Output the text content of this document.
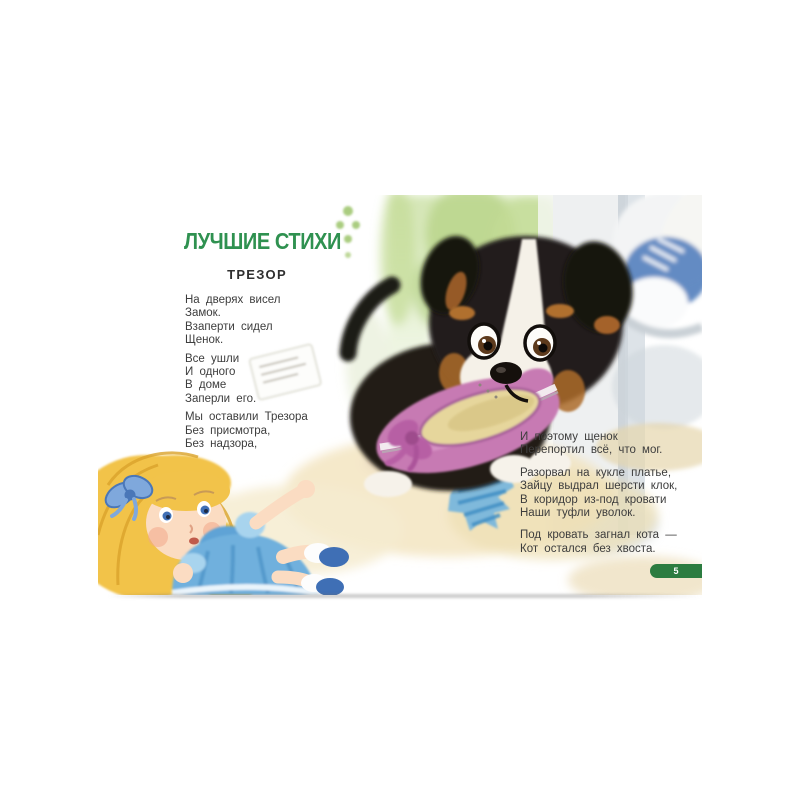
ЛУЧШИЕ СТИХИ
ТРЕЗОР
На дверях висел
Замок.
Взаперти сидел
Щенок.
Все ушли
И одного
В доме
Заперли его.
Мы оставили Трезора
Без присмотра,
Без надзора,
И поэтому щенок
Перепортил всё, что мог.
Разорвал на кукле платье,
Зайцу выдрал шерсти клок,
В коридор из-под кровати
Наши туфли уволок.
Под кровать загнал кота —
Кот остался без хвоста.
5
